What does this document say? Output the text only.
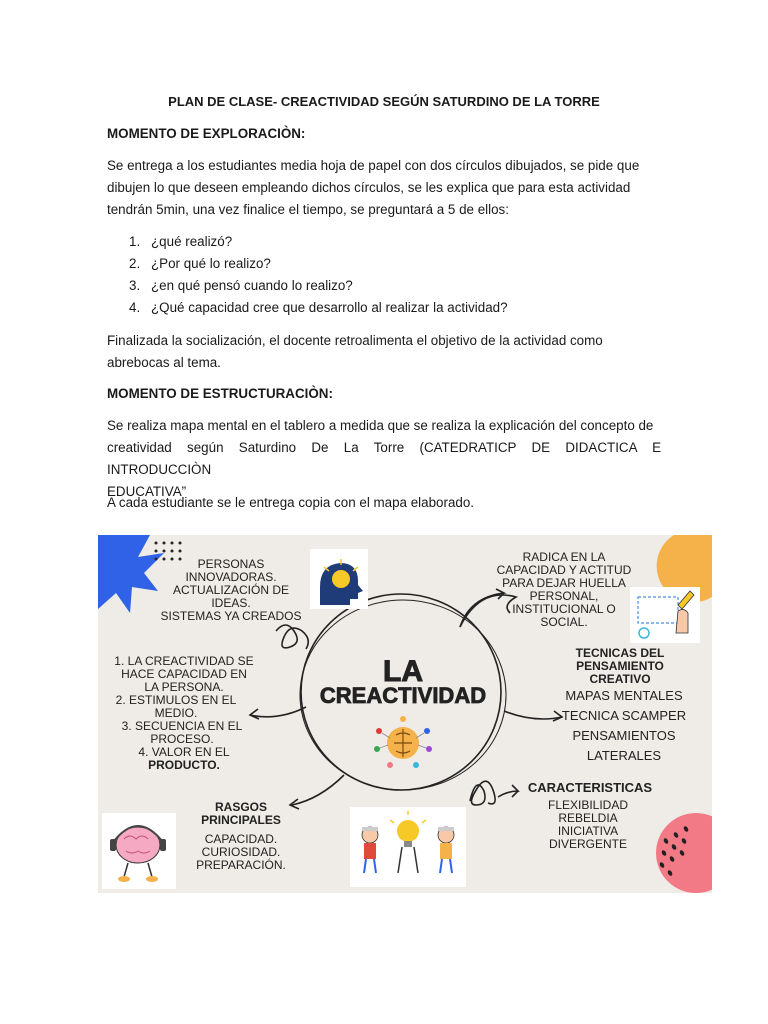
PLAN DE CLASE- CREACTIVIDAD SEGÚN SATURDINO DE LA TORRE
MOMENTO DE EXPLORACIÒN:
Se entrega a los estudiantes media hoja de papel con dos círculos dibujados, se pide que
dibujen lo que deseen empleando dichos círculos, se les explica que para esta actividad
tendrán 5min, una vez finalice el tiempo, se preguntará a 5 de ellos:
1. ¿qué realizó?
2. ¿Por qué lo realizo?
3. ¿en qué pensó cuando lo realizo?
4. ¿Qué capacidad cree que desarrollo al realizar la actividad?
Finalizada la socialización, el docente retroalimenta el objetivo de la actividad como
abrebocas al tema.
MOMENTO DE ESTRUCTURACIÒN:
Se realiza mapa mental en el tablero a medida que se realiza la explicación del concepto de
creatividad según Saturdino De La Torre (CATEDRATICP DE DIDACTICA E INTRODUCCIÒN
EDUCATIVA”
A cada estudiante se le entrega copia con el mapa elaborado.
LA
CREACTIVIDAD
PERSONAS
INNOVADORAS.
ACTUALIZACIÓN DE
IDEAS.
SISTEMAS YA CREADOS
RADICA EN LA
CAPACIDAD Y ACTITUD
PARA DEJAR HUELLA
PERSONAL,
INSTITUCIONAL O
SOCIAL.
1. LA CREACTIVIDAD SE
HACE CAPACIDAD EN
LA PERSONA.
2. ESTIMULOS EN EL
MEDIO.
3. SECUENCIA EN EL
PROCESO.
4. VALOR EN EL
PRODUCTO.
TECNICAS DEL
PENSAMIENTO
CREATIVO
MAPAS MENTALES
TECNICA SCAMPER
PENSAMIENTOS
LATERALES
CARACTERISTICAS
FLEXIBILIDAD
REBELDIA
INICIATIVA
DIVERGENTE
RASGOS
PRINCIPALES
CAPACIDAD.
CURIOSIDAD.
PREPARACIÓN.
